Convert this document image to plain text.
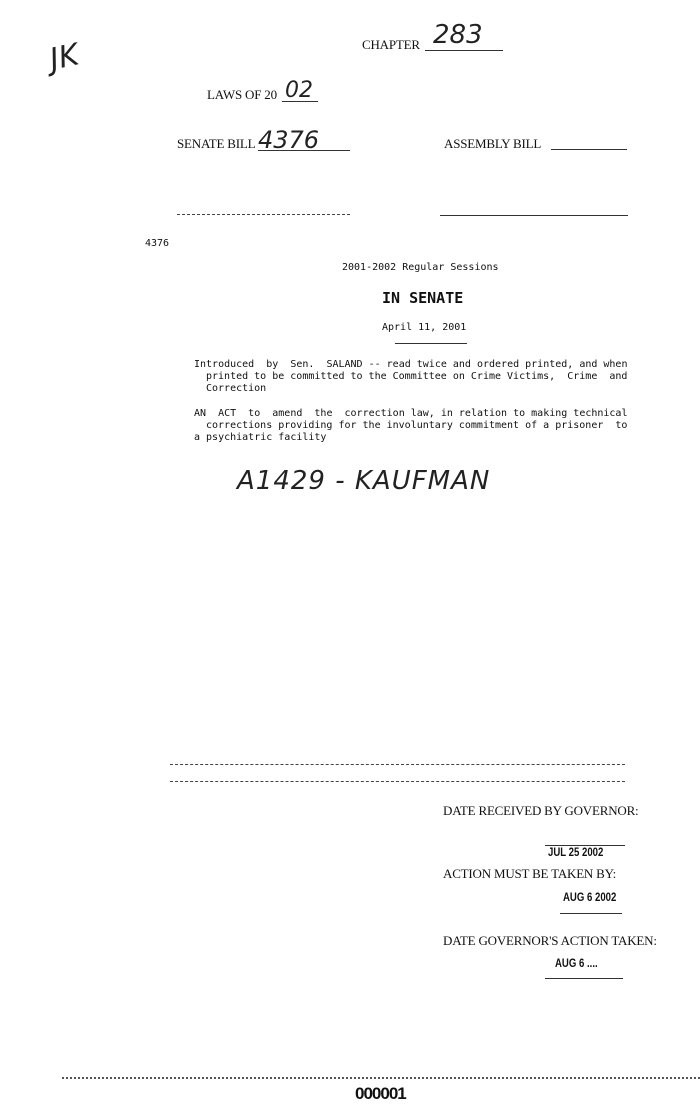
JK	CHAPTER 283
LAWS OF 20 02
SENATE BILL 4376	ASSEMBLY BILL
4376
2001-2002 Regular Sessions
IN SENATE
April 11, 2001
Introduced  by  Sen.  SALAND -- read twice and ordered printed, and when
printed to be committed to the Committee on Crime Victims,  Crime  and
Correction
AN  ACT  to  amend  the  correction law, in relation to making technical
corrections providing for the involuntary commitment of a prisoner  to
a psychiatric facility
A1429 - KAUFMAN
DATE RECEIVED BY GOVERNOR:
JUL 25 2002
ACTION MUST BE TAKEN BY:
AUG 6 2002
DATE GOVERNOR'S ACTION TAKEN:
AUG 6 ....
000001
